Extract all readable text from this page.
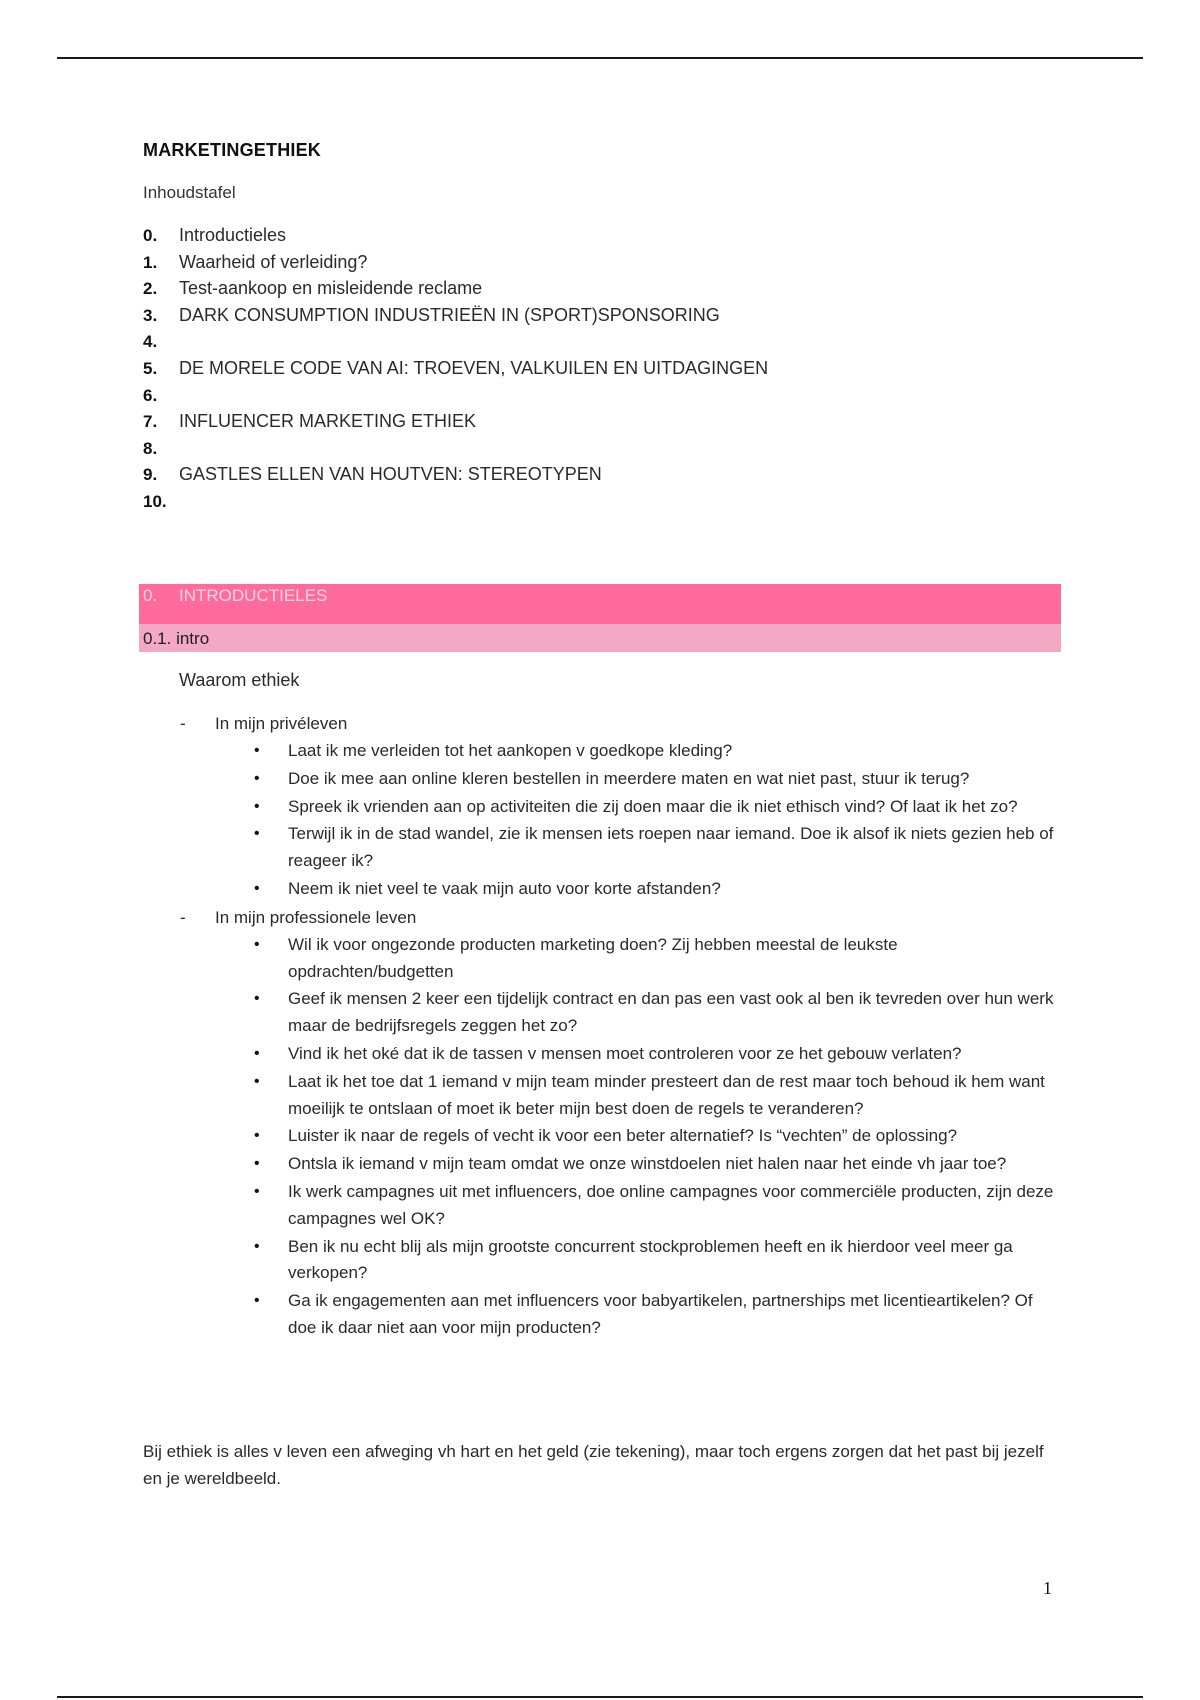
MARKETINGETHIEK
Inhoudstafel
0. Introductieles
1. Waarheid of verleiding?
2. Test-aankoop en misleidende reclame
3. DARK CONSUMPTION INDUSTRIEËN IN (SPORT)SPONSORING
4.
5. DE MORELE CODE VAN AI: TROEVEN, VALKUILEN EN UITDAGINGEN
6.
7. INFLUENCER MARKETING ETHIEK
8.
9. GASTLES ELLEN VAN HOUTVEN: STEREOTYPEN
10.
0. INTRODUCTIELES
0.1. intro
Waarom ethiek
- In mijn privéleven
• Laat ik me verleiden tot het aankopen v goedkope kleding?
• Doe ik mee aan online kleren bestellen in meerdere maten en wat niet past, stuur ik terug?
• Spreek ik vrienden aan op activiteiten die zij doen maar die ik niet ethisch vind? Of laat ik het zo?
• Terwijl ik in de stad wandel, zie ik mensen iets roepen naar iemand. Doe ik alsof ik niets gezien heb of reageer ik?
• Neem ik niet veel te vaak mijn auto voor korte afstanden?
- In mijn professionele leven
• Wil ik voor ongezonde producten marketing doen? Zij hebben meestal de leukste opdrachten/budgetten
• Geef ik mensen 2 keer een tijdelijk contract en dan pas een vast ook al ben ik tevreden over hun werk maar de bedrijfsregels zeggen het zo?
• Vind ik het oké dat ik de tassen v mensen moet controleren voor ze het gebouw verlaten?
• Laat ik het toe dat 1 iemand v mijn team minder presteert dan de rest maar toch behoud ik hem want moeilijk te ontslaan of moet ik beter mijn best doen de regels te veranderen?
• Luister ik naar de regels of vecht ik voor een beter alternatief? Is “vechten” de oplossing?
• Ontsla ik iemand v mijn team omdat we onze winstdoelen niet halen naar het einde vh jaar toe?
• Ik werk campagnes uit met influencers, doe online campagnes voor commerciële producten, zijn deze campagnes wel OK?
• Ben ik nu echt blij als mijn grootste concurrent stockproblemen heeft en ik hierdoor veel meer ga verkopen?
• Ga ik engagementen aan met influencers voor babyartikelen, partnerships met licentieartikelen? Of doe ik daar niet aan voor mijn producten?
Bij ethiek is alles v leven een afweging vh hart en het geld (zie tekening), maar toch ergens zorgen dat het past bij jezelf en je wereldbeeld.
1
